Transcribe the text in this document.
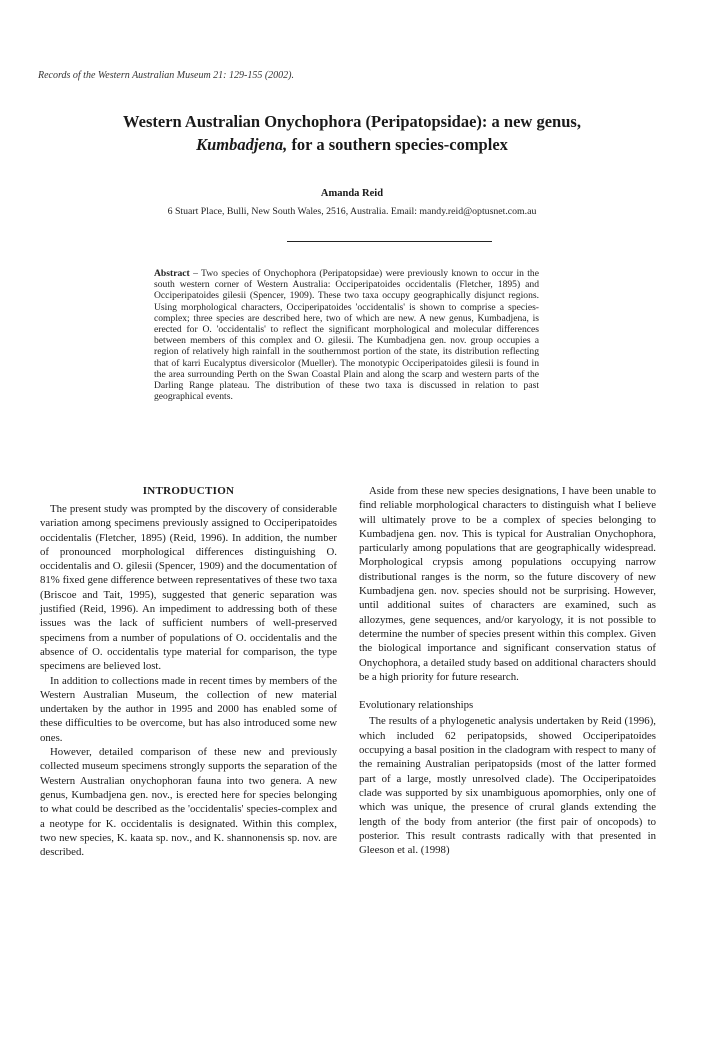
Records of the Western Australian Museum 21: 129-155 (2002).
Western Australian Onychophora (Peripatopsidae): a new genus,
Kumbadjena, for a southern species-complex
Amanda Reid
6 Stuart Place, Bulli, New South Wales, 2516, Australia. Email: mandy.reid@optusnet.com.au
Abstract – Two species of Onychophora (Peripatopsidae) were previously known to occur in the south western corner of Western Australia: Occiperipatoides occidentalis (Fletcher, 1895) and Occiperipatoides gilesii (Spencer, 1909). These two taxa occupy geographically disjunct regions. Using morphological characters, Occiperipatoides 'occidentalis' is shown to comprise a species-complex; three species are described here, two of which are new. A new genus, Kumbadjena, is erected for O. 'occidentalis' to reflect the significant morphological and molecular differences between members of this complex and O. gilesii. The Kumbadjena gen. nov. group occupies a region of relatively high rainfall in the southernmost portion of the state, its distribution reflecting that of karri Eucalyptus diversicolor (Mueller). The monotypic Occiperipatoides gilesii is found in the area surrounding Perth on the Swan Coastal Plain and along the scarp and western parts of the Darling Range plateau. The distribution of these two taxa is discussed in relation to past geographical events.
INTRODUCTION

The present study was prompted by the discovery of considerable variation among specimens previously assigned to Occiperipatoides occidentalis (Fletcher, 1895) (Reid, 1996). In addition, the number of pronounced morphological differences distinguishing O. occidentalis and O. gilesii (Spencer, 1909) and the documentation of 81% fixed gene difference between representatives of these two taxa (Briscoe and Tait, 1995), suggested that generic separation was justified (Reid, 1996). An impediment to addressing both of these issues was the lack of sufficient numbers of well-preserved specimens from a number of populations of O. occidentalis and the absence of O. occidentalis type material for comparison, the type specimens are believed lost.

In addition to collections made in recent times by members of the Western Australian Museum, the collection of new material undertaken by the author in 1995 and 2000 has enabled some of these difficulties to be overcome, but has also introduced some new ones.

However, detailed comparison of these new and previously collected museum specimens strongly supports the separation of the Western Australian onychophoran fauna into two genera. A new genus, Kumbadjena gen. nov., is erected here for species belonging to what could be described as the 'occidentalis' species-complex and a neotype for K. occidentalis is designated. Within this complex, two new species, K. kaata sp. nov., and K. shannonensis sp. nov. are described.

Aside from these new species designations, I have been unable to find reliable morphological characters to distinguish what I believe will ultimately prove to be a complex of species belonging to Kumbadjena gen. nov. This is typical for Australian Onychophora, particularly among populations that are geographically widespread. Morphological crypsis among populations occupying narrow distributional ranges is the norm, so the future discovery of new Kumbadjena gen. nov. species should not be surprising. However, until additional suites of characters are examined, such as allozymes, gene sequences, and/or karyology, it is not possible to determine the number of species present within this complex. Given the biological importance and significant conservation status of Onychophora, a detailed study based on additional characters should be a high priority for future research.

Evolutionary relationships

The results of a phylogenetic analysis undertaken by Reid (1996), which included 62 peripatopsids, showed Occiperipatoides occupying a basal position in the cladogram with respect to many of the remaining Australian peripatopsids (most of the latter formed part of a large, mostly unresolved clade). The Occiperipatoides clade was supported by six unambiguous apomorphies, only one of which was unique, the presence of crural glands extending the length of the body from anterior (the first pair of oncopods) to posterior. This result contrasts radically with that presented in Gleeson et al. (1998)
